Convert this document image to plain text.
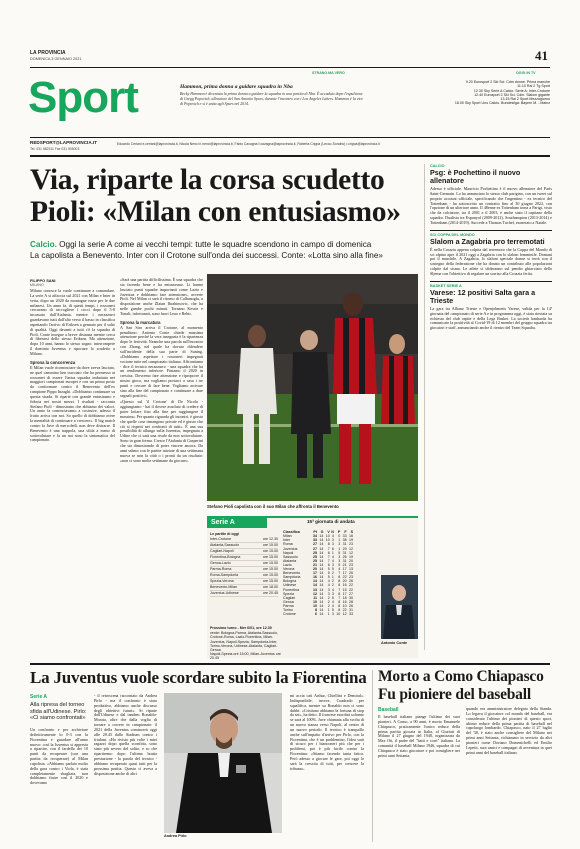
LA PROVINCIA
DOMENICA 3 GENNAIO 2021	41
Sport	STRANO MA VERO
Hammon, prima donna a guidare squadra in Nba
Becky Hammon è diventata la prima donna a guidare la squadra in una partita di Nba. È accaduto dopo l'espulsione di Gregg Popovich, allenatore del San Antonio Spurs, durante l'incontro con i Los Angeles Lakers. Hammon è la vice di Popovich e si è unita agli Spurs nel 2014.
OGGI IN TV
9.20 Eurosport 2 Ski Sci. Cdm donne. Prima manche
11.10 Rai 2 Tg Sport
12.30 Sky Serie A Calcio. Serie A: Inter-Crotone
12.40 Eurosport 2 Ski Sci. Cdm. Slalom gigante
13.15 Rai 2 Sport Mezzogiorno
18.00 Sky Sport Uno Calcio. Bundesliga: Bayern M. - Mainz
REDSPORT@LAPROVINCIA.IT
Tel. 031 582311 Fax 031 505003
Edoardo Ceriani e.ceriani@laprovincia.it, Nicola Nenci n.nenci@laprovincia.it, Fabio Cavagna f.cavagna@laprovincia.it, Roberta Crippa (Lecco-Sondrio) r.crippa@laprovincia.it
Via, riparte la corsa scudetto
Pioli: «Milan con entusiasmo»
Calcio. Oggi la serie A come ai vecchi tempi: tutte le squadre scendono in campo di domenica
La capolista a Benevento. Inter con il Crotone sull'onda dei successi. Conte: «Lotta sino alla fine»
FILIPPO SANI
MILANO
Milano conosce la vuole continuare a comandare. La serie A si affaccia sul 2021 con Milan e Inter in vetta, dopo un 2020 da montagne russe per le due milanesi. Un anno fa, di questi tempi, i rossoneri cercavano di raccogliere i cocci dopo il 5-0 incassato dall'Atalanta, mentre i nerazzurri guardavano tutti dall'alto verso il basso in classifica aspettando l'arrivo di Eriksen a gennaio per il salto di qualità. Oggi davanti a tutti c'è la squadra di Pioli, Conte insegue a breve distanza mentre cerca di liberarsi dello stesso Eriksen. Ma attenzione, dopo 10 anni, hanno lo stesso sogno: interrompere il dominio Juventus e riportare lo scudetto a Milano.
Sprona la concorrenza
Il Milan vuole ricominciare da dove aveva lasciato, ne quel cammino ben tracciato che ha permesso ai rossoneri di essere l'unica squadra imbattuta nei maggiori campionati europei e con un primo posto da conformare contro il Benevento dell'ex campione Pippo Inzaghi. «Dobbiamo continuare su questa strada. Si riparte con grande entusiasmo e fiducia nei nostri mezzi. I risultati - racconta Stefano Pioli - dimostrano che abbiamo dei valori. Un anno fa cominciavamo a costruire, adesso il frutto arriva con noi. So quello di dobbiamo avere la mentalità di continuare a crescere». Il big match contro la Juve di mercoledì, non deve distrarre. Il Benevento è una trappola, una sfida a meno di sottovalutare e fa un noi sono la sintomatica del campionato.
«Sarà una partita difficilissima. È una squadra che sta facendo bene e ha entusiasmo. Li hanno lasciato punti squadre importanti come Lazio e Juventus e dobbiamo fare attenzione», avverte Pioli. Nel Milan ci sarà il ritorno di Calhanoglu, a disposizione anche Zlatan Ibrahimovic, che ha nelle gambe pochi minuti. Tornano Kessie e Tonali; infortunati, sono fuori Leao e Rebic.
Sprona la marcatura
A San Siro arriva il Crotone, al momento penultimo. Antonio Conte chiede massima attenzione perché la vera insegnata è la ripartenza dopo le festività. Neanche una parola sull'incontro con Zhang, nel quale ha dovuto difendere sull'incidente della sua parte di Suning. «Dobbiamo aspettare i rossoneri impegnati vocione tutte nel campionato italiano. Affrontiamo - dice il tecnico nerazzurro - una squadra che ha un rendimento inferiore. Finiamo il 2020 in crescita. Dovremo fare attenzione e riproporre il nostro gioco, ma vogliamo portarci a casa i tre punti e cercare di fare bene. Vogliamo arrivare sino alla fine del campionato e continuare a dare segnali positivi».
«Questo sul 'il Crotone' di De Nicola - aggiungiamo - hai il dovere assoluto di credere di poter lottare fino alla fine per raggiungere il massimo. Per quanto riguarda gli incontri, è giusto che quelle cose rimangono private ed è giusto che ciò si rispetti nei confronti di tutti». È una sua possibilità di allungo sulla Juventus, impegnata a Udine che ci sarà una rivale da non sottovalutare. Sono in gran forma. Cresce l'Atalanta di Gasperini che sta dimostrando di poter vincere ancora. Da anni sabato con le partite iniziate di una settimana nuova se non la città o i pronti da un risultato: «non ci sono molte settimane da giocare».
Stefano Pioli capolista con il suo Milan che affronta il Benevento
Serie A	15ª giornata di andata
Le partite di oggi
Inter-Crotone	ore 12.30
Atalanta-Sassuolo	ore 15.00
Cagliari-Napoli	ore 15.00
Fiorentina-Bologna	ore 15.00
Genoa-Lazio	ore 15.00
Parma-Roma	ore 15.00
Roma-Sampdoria	ore 15.00
Spezia-Verona	ore 15.00
Benevento-Milan	ore 18.00
Juventus-Udinese	ore 20.45
Classifica	Pt	G	V	N	P	F	S
Milan	34	14	10	4	0	33	16
Inter	33	14	10	3	1	38	19
Roma	27	14	8	3	3	31	23
Juventus	27	14	7	6	1	29	12
Napoli	25	14	8	1	5	31	12
Sassuolo	25	14	7	4	3	26	19
Atalanta	25	14	7	4	3	31	20
Lazio	21	14	6	3	5	21	23
Verona	20	14	5	5	4	17	13
Benevento	17	14	5	2	7	17	26
Sampdoria	16	14	5	1	8	22	23
Bologna	14	14	4	2	8	20	26
Udinese	14	14	4	2	8	16	22
Fiorentina	13	14	3	4	7	15	22
Spezia	12	14	3	3	8	17	27
Cagliari	11	14	2	5	7	18	30
Genoa	10	14	2	4	8	16	28
Parma	10	14	2	4	8	10	26
Torino	8	14	1	5	8	22	31
Crotone	6	14	1	3	10	12	33
Prossimo turno - Mer 6/01, ore 12.30
verde: Bologna-Parma, Atalanta-Sassuolo, Crotone-Roma, Lazio-Fiorentina, Milan-Juventus, Napoli-Spezia, Sampdoria-Inter, Torino-Verona, Udinese-Atalanta, Cagliari-Genoa
Napoli-Spezia ore 15.00, Milan-Juventus ore 20.45
Antonio Conte
CALCIO
Psg: è Pochettino il nuovo allenatore
Adesso è ufficiale. Mauricio Pochettino è il nuovo allenatore del Paris Saint-Germain. Lo ha annunciato lo stesso club parigino, con un tweet sul proprio account ufficiale, specificando che l'argentino - ex tecnico del Tottenham - ha sottoscritto un contratto fino al 30 giugno 2022, con l'opzione di un ulteriore anno. Il 48enne ex Tottenham torna a Parigi, visto che da calciatore, tra il 2001 e il 2003, è anche stato il capitano della squadra. Dualista tra Espanyol (2009-2012), Southampton (2013-2014) e Tottenham (2014-2019). Succede a Thomas Tuchel, esonerato a Natale.
SCI COPPA DEL MONDO
Slalom a Zagabria pro terremotati
È nella Croazia appena colpita dal terremoto che la Coppa del Mondo di sci alpino apre il 2021 oggi a Zagabria con lo slalom femminile. Domani poi il maschile. A Zagabria, lo slalom speciale donne si terrà con il sostegno della federazione che ha donato un contributo alle popolazioni colpite dal sisma. Le atlete si sfideranno sul pendio ghiacciato dello Sljeme con l'obiettivo di regalare un sorriso alla Croazia ferita.
BASKET SERIE A
Varese: 12 positivi Salta gara a Trieste
La gara tra Allianz Trieste e Openjobmetis Varese, valida per la 14ª giornata del campionato di serie A e in programma oggi, è stata rinviata su richiesta del club ospite e della Lega Basket. La società lombarda ha comunicato la positività al Covid-19 di 12 membri del gruppo squadra tra giocatori e staff, annunciando anche il rientro del Team Squadra.
La Juventus vuole scordare subito la Fiorentina
Serie A
Alla ripresa del torneo sfida all'Udinese. Pirlo: «Ci siamo confrontati»
Un confronto e per archiviare definitivamente lo 0-3 con la Fiorentina e guardare all'anno nuovo: così la Juventus si appresta a ripartire, con il fardello dei 10 punti da recuperare (con una partita da recuperare) al Milan capolista. «Abbiamo parlato molto della gara contro i Viola, è stata completamente sbagliata, non dobbiamo finire così il 2020 e dovevamo
- il retroscena raccontato da Andrea Pirlo - ma il confronto è stato produttivo, abbiamo anche discusso degli obiettivi futuri». Si riparte dall'Udinese e dal tandem Ronaldo-Morata, oltre che dalla voglia di tornare a correre in campionato: il 2021 della Juventus comincerà oggi alle 20.45 dallo Stadium contro i friulani. «Ho rivisto più volte i miei ragazzi dopo quella sconfitta, sono stato più severo del solito, e so che ripartiremo dopo l'ultima brutta prestazione - la parola del tecnico - abbiamo recuperato quasi tutti per la prossima partita. Questo ci aveva a disposizione anche di altri
Andrea Pirlo
mi accia cati Arthur, Chiellini e Demiral». Indisponibile, invece, Cuadrado per squalifica, mentre su Ronaldo non ci sono dubbi: «Cristiano abbiamo la fortuna di stop da sei», ha detto. Il francese esordirà soltanto se sarà al 100%. Juve chiamata alla svolta di un nuovo stanza verso Napoli, al centro di un nuovo periodo. Il tecnico è tranquillo anche sull'impatto d'arrivo per Pirlo, con la Fiorentina, che è un problemino, l'idea sarà di sicuro per i bianconeri più che per i problemi, poi è più facile contro la Fiorentina: «Stiamo facendo tanta fatica. Però adesso a giocare le gare, poi oggi lo sarà la crescita di tutti, per crescere la tribuna».
Morto a Como Chiapasco
Fu pioniere del baseball
Baseball
Il baseball italiano piange l'ultimo dei suoi pionieri. A Como, a 90 anni, è morto Emanuele Chiapasco, praticamente l'unico reduce della prima partita giocata in Italia, al Giuriati di Milano il 27 giugno del 1948, organizzata da Max Ott, il padre del "batti e corri" italiano. La comunità il baseball Milano 1946, squadra di cui Chiapasco è stato giocatore e poi consigliere nei primi anni Settanta,
quando era amministratore delegato della Standa. Lo legava il giocatore col mondo del baseball, era considerato l'ultimo dei pionieri di questo sport, ultimo reduce della prima partita di baseball nel capoluogo lombardo. Chiapasco, nato il 27 luglio del '30, è stato anche consigliere del Milano nei primi anni Settanta, richiamato in servizio da altri pionieri come Doriano Domenichelli ed Emilio Lepetit, suoi amici e compagni di avventura in quei primi anni del baseball italiano.
